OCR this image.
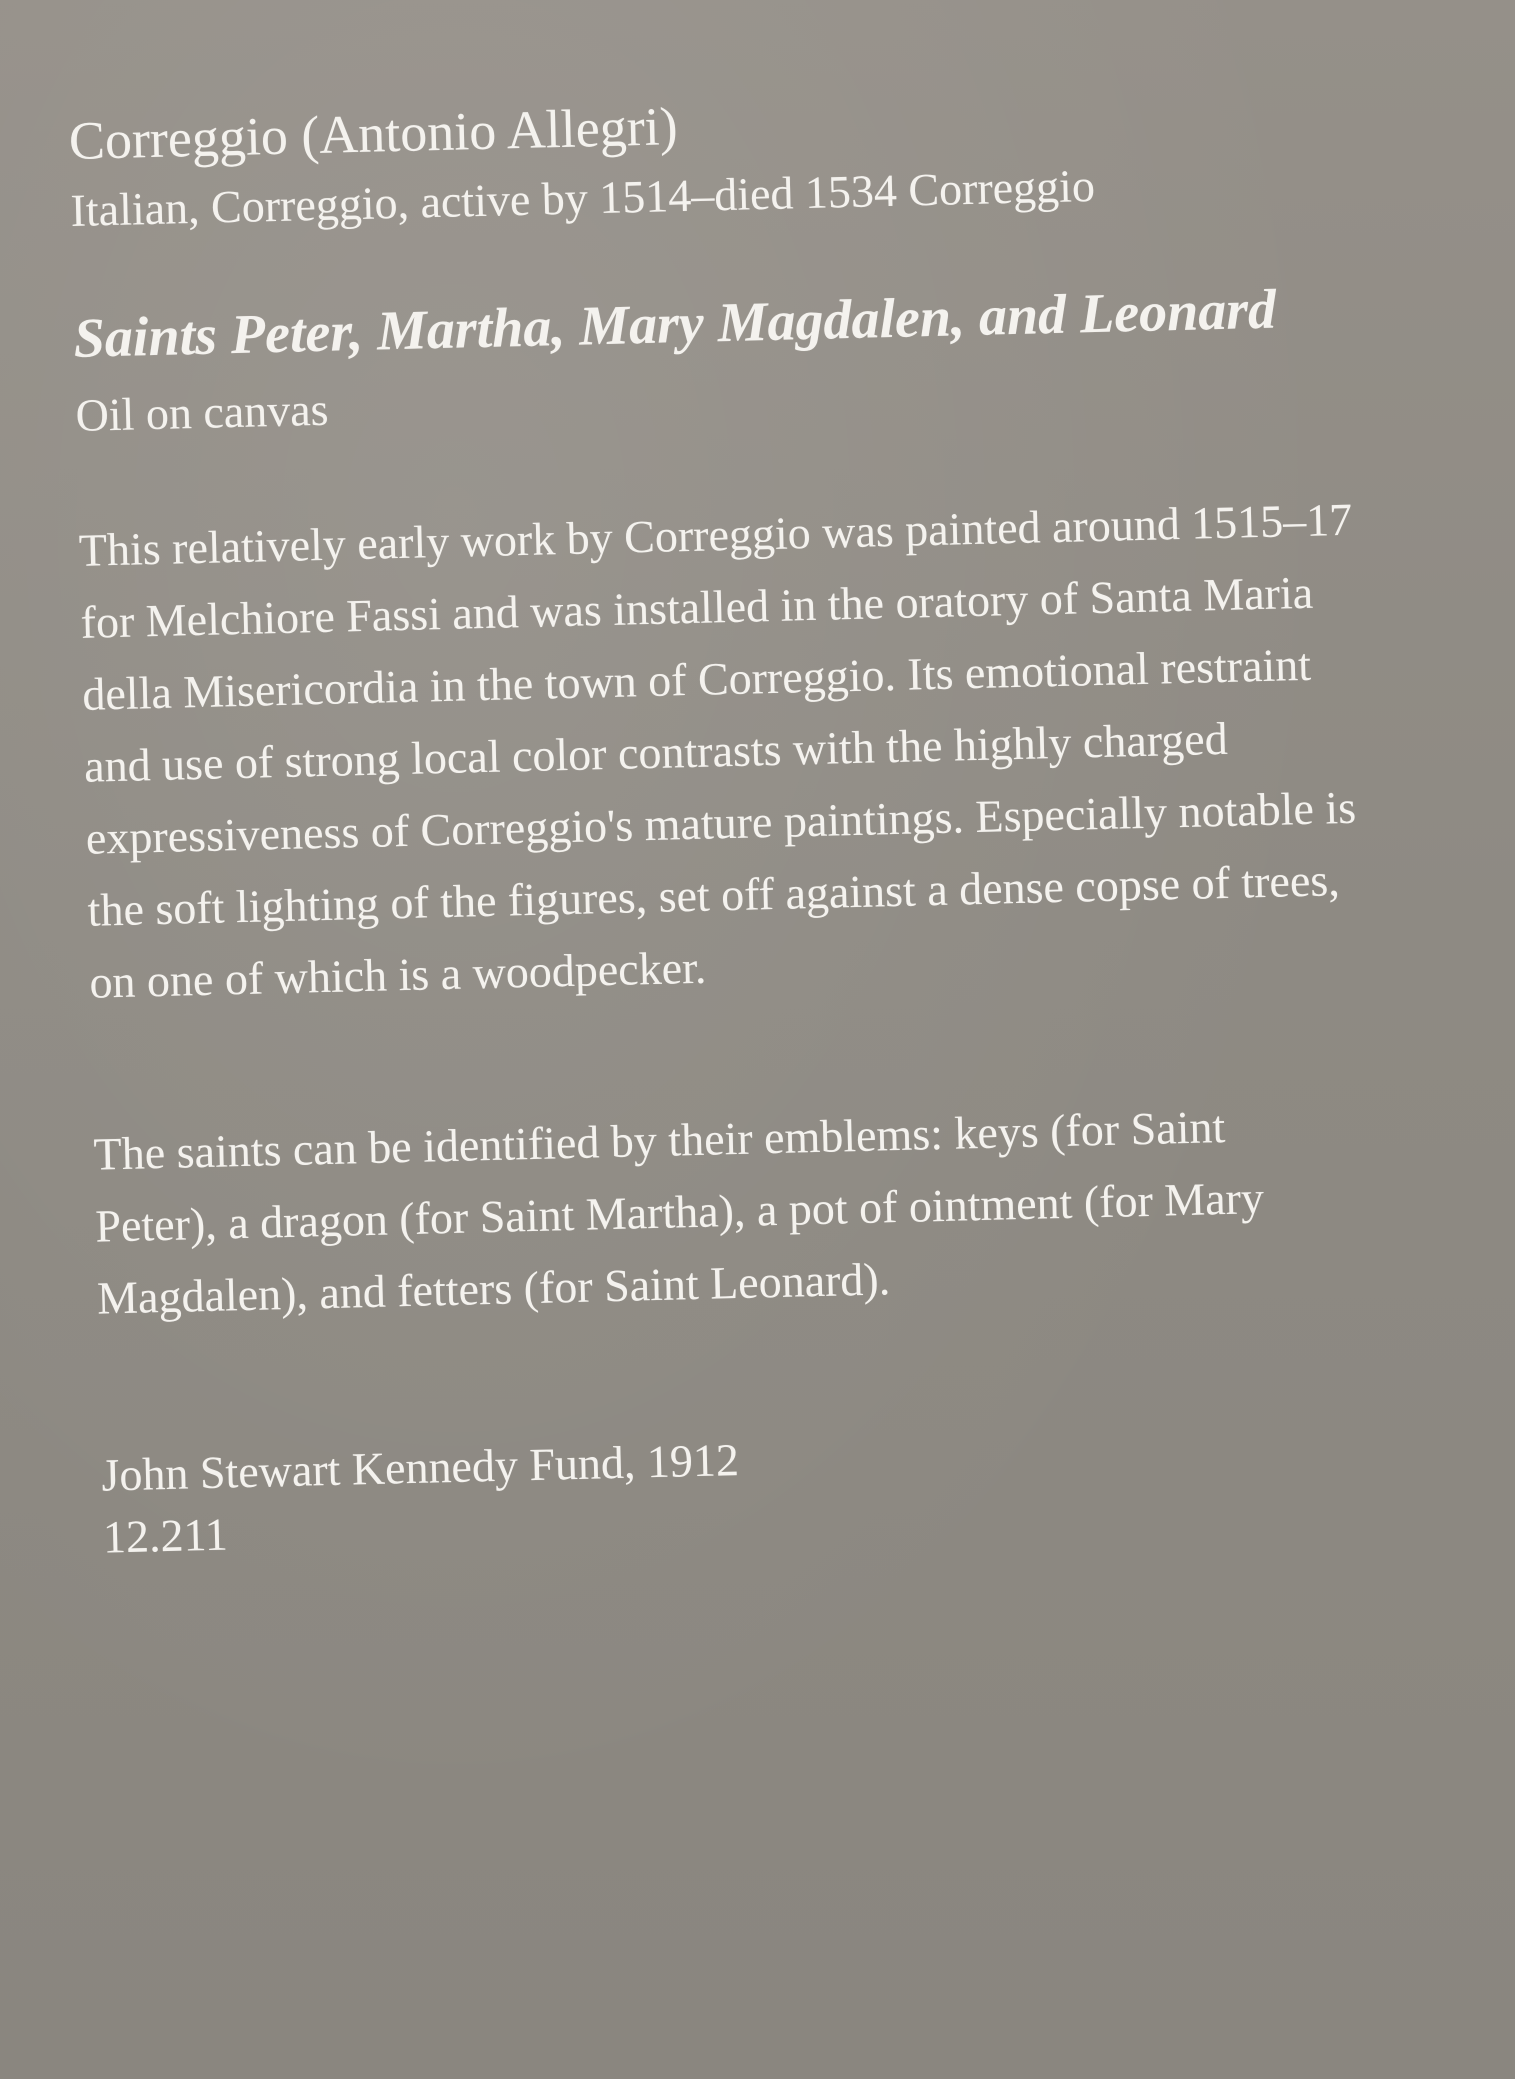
Correggio (Antonio Allegri)

Italian, Correggio, active by 1514–died 1534 Correggio

Saints Peter, Martha, Mary Magdalen, and Leonard

Oil on canvas

This relatively early work by Correggio was painted around 1515–17 for Melchiore Fassi and was installed in the oratory of Santa Maria della Misericordia in the town of Correggio. Its emotional restraint and use of strong local color contrasts with the highly charged expressiveness of Correggio's mature paintings. Especially notable is the soft lighting of the figures, set off against a dense copse of trees, on one of which is a woodpecker.

The saints can be identified by their emblems: keys (for Saint Peter), a dragon (for Saint Martha), a pot of ointment (for Mary Magdalen), and fetters (for Saint Leonard).

John Stewart Kennedy Fund, 1912

12.211
